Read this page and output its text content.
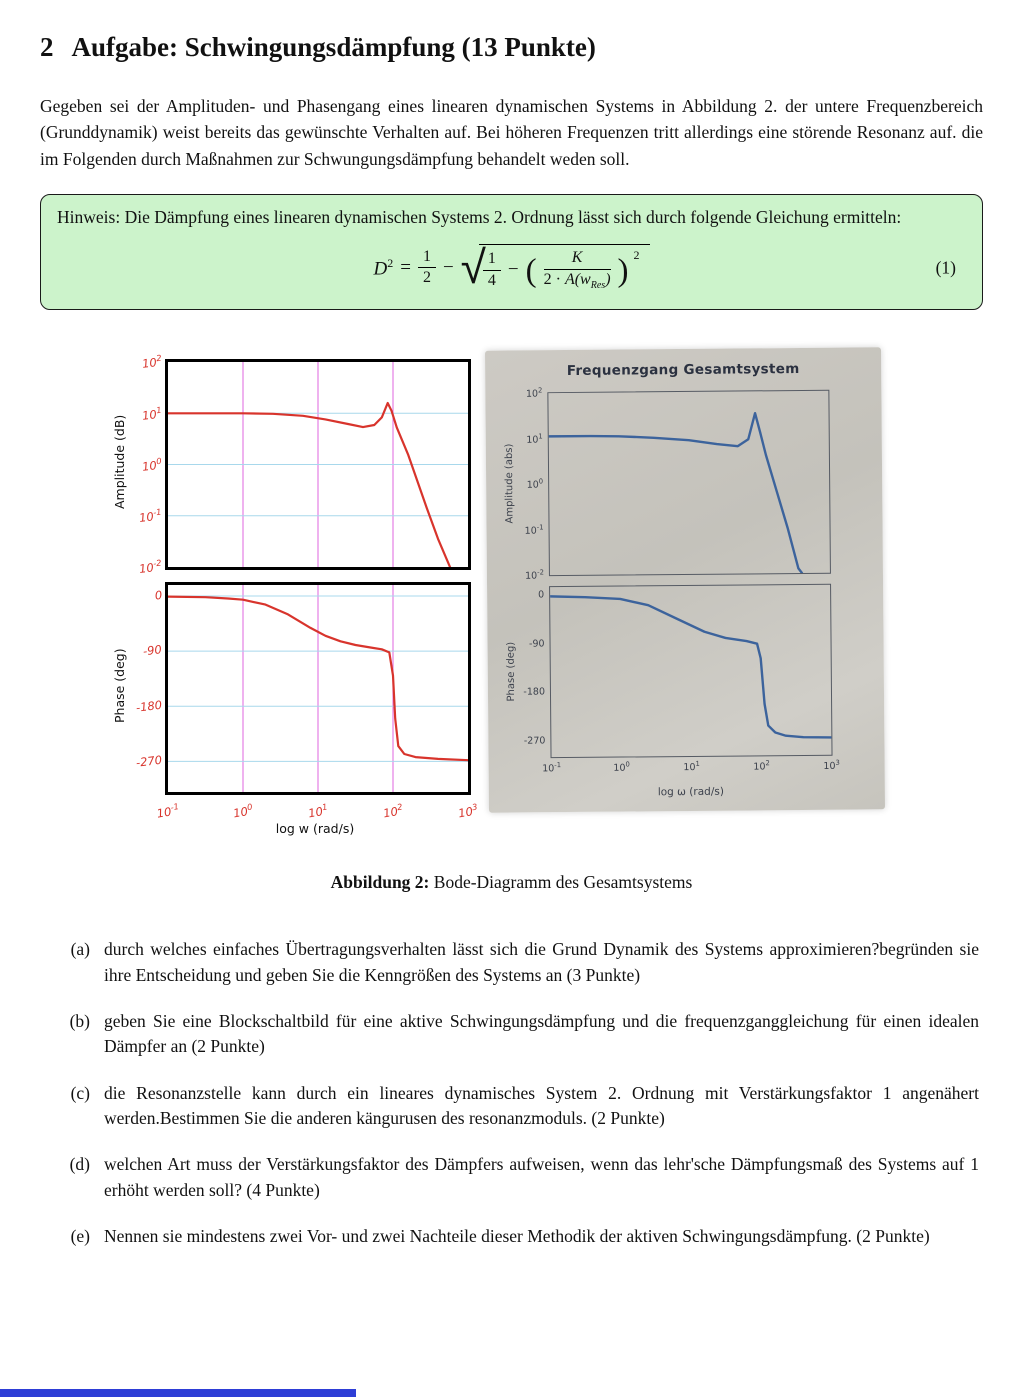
2 Aufgabe: Schwingungsdämpfung (13 Punkte)

Gegeben sei der Amplituden- und Phasengang eines linearen dynamischen Systems in Abbildung 2. der untere Frequenzbereich (Grunddynamik) weist bereits das gewünschte Verhalten auf. Bei höheren Frequenzen tritt allerdings eine störende Resonanz auf. die im Folgenden durch Maßnahmen zur Schwungungsdämpfung behandelt weden soll.

Hinweis: Die Dämpfung eines linearen dynamischen Systems 2. Ordnung lässt sich durch folgende Gleichung ermitteln:

$D^2 = \frac{1}{2}$ − √
$\frac{1}{4}$ − ( $\frac{K}{2 \cdot A(w_{Res})}$ ) 2
(1)
Amplitude (dB)
Phase (deg)
$10^2$
$10^1$
$10^0$
$10^{-1}$
$10^{-2}$
0
-90
-180
-270
$10^{-1}$	$10^0$	$10^1$	$10^2$	$10^3$
log w (rad/s)
Frequenzgang Gesamtsystem
Amplitude (abs)
Phase (deg)
$10^2$
$10^1$
$10^0$
$10^{-1}$
$10^{-2}$
0
-90
-180
-270
$10^{-1}$	$10^0$	$10^1$	$10^2$	$10^3$
log ω (rad/s)

Abbildung 2: Bode-Diagramm des Gesamtsystems

(a) durch welches einfaches Übertragungsverhalten lässt sich die Grund Dynamik des Systems approximieren?begründen sie ihre Entscheidung und geben Sie die Kenngrößen des Systems an (3 Punkte)
(b) geben Sie eine Blockschaltbild für eine aktive Schwingungsdämpfung und die frequenzganggleichung für einen idealen Dämpfer an (2 Punkte)
(c) die Resonanzstelle kann durch ein lineares dynamisches System 2. Ordnung mit Verstärkungsfaktor 1 angenähert werden.Bestimmen Sie die anderen kängurusen des resonanzmoduls. (2 Punkte)
(d) welchen Art muss der Verstärkungsfaktor des Dämpfers aufweisen, wenn das lehr'sche Dämpfungsmaß des Systems auf 1 erhöht werden soll? (4 Punkte)
(e) Nennen sie mindestens zwei Vor- und zwei Nachteile dieser Methodik der aktiven Schwingungsdämpfung. (2 Punkte)
